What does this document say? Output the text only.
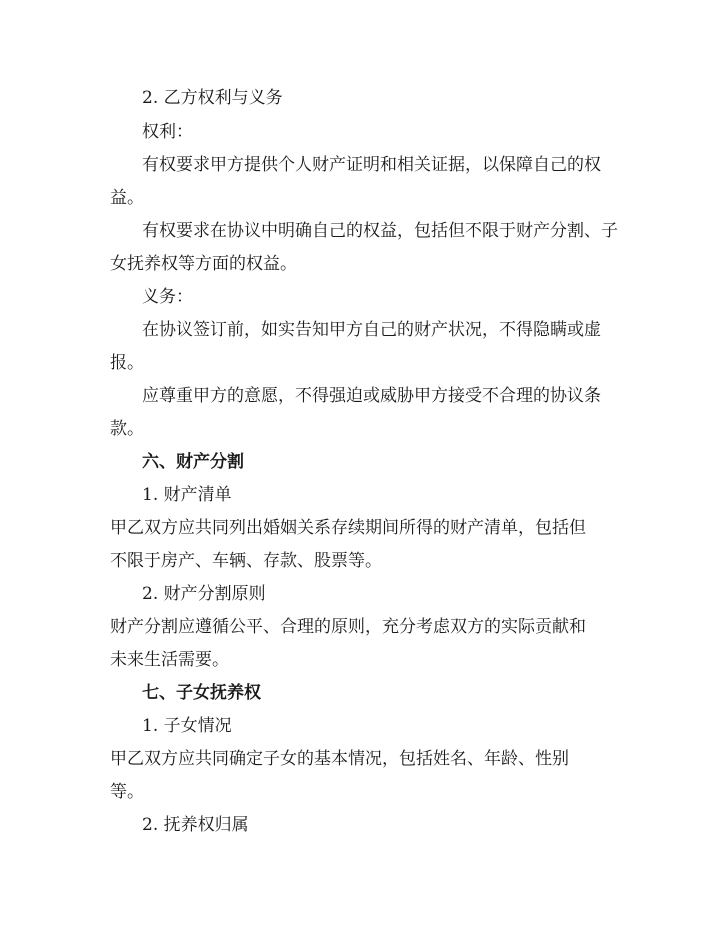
2. 乙方权利与义务
权利：
有权要求甲方提供个人财产证明和相关证据，以保障自己的权
益。
有权要求在协议中明确自己的权益，包括但不限于财产分割、子
女抚养权等方面的权益。
义务：
在协议签订前，如实告知甲方自己的财产状况，不得隐瞒或虚
报。
应尊重甲方的意愿，不得强迫或威胁甲方接受不合理的协议条
款。
六、财产分割
1. 财产清单
甲乙双方应共同列出婚姻关系存续期间所得的财产清单，包括但
不限于房产、车辆、存款、股票等。
2. 财产分割原则
财产分割应遵循公平、合理的原则，充分考虑双方的实际贡献和
未来生活需要。
七、子女抚养权
1. 子女情况
甲乙双方应共同确定子女的基本情况，包括姓名、年龄、性别
等。
2. 抚养权归属
